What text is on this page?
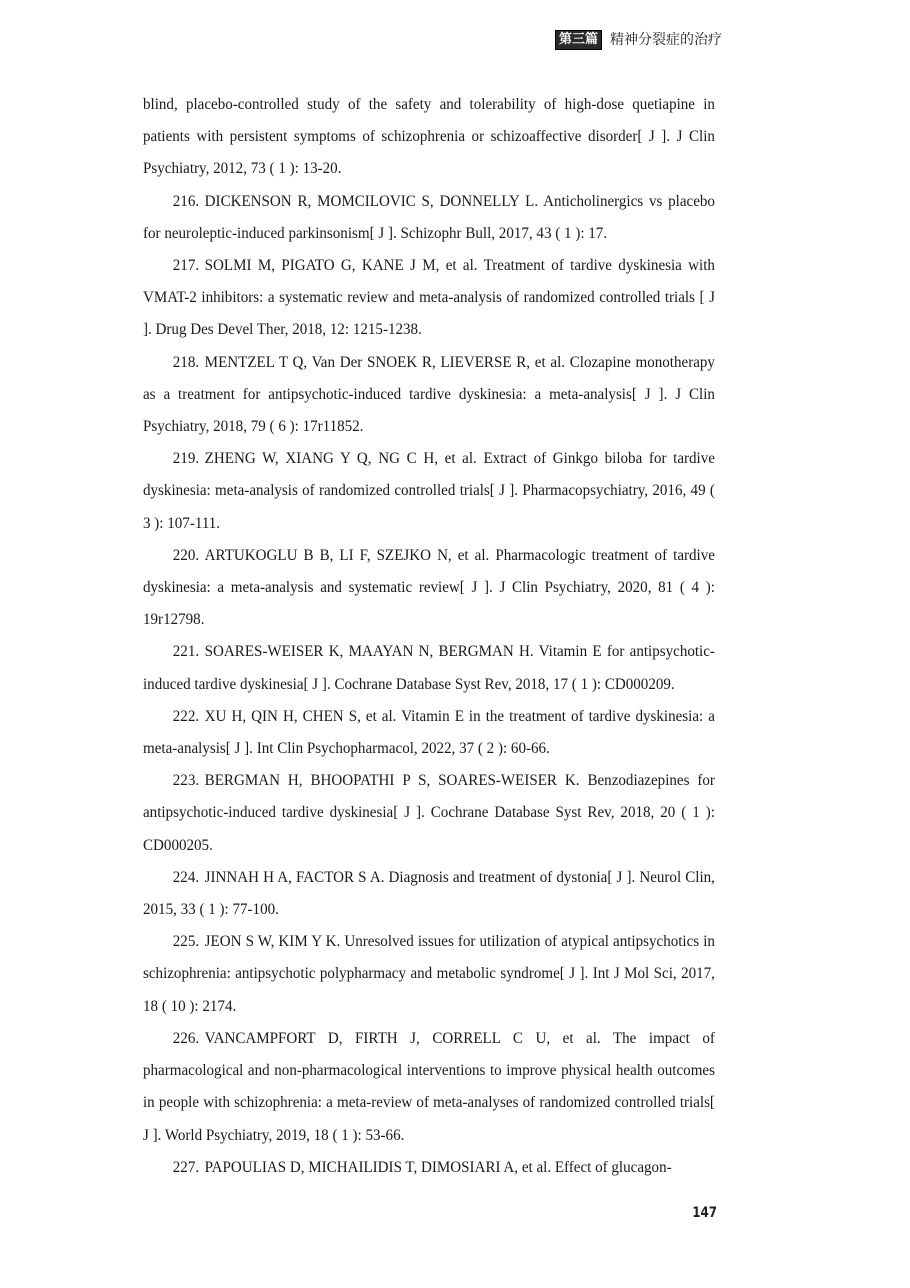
第三篇 精神分裂症的治疗

blind, placebo-controlled study of the safety and tolerability of high-dose quetiapine in patients with persistent symptoms of schizophrenia or schizoaffective disorder[ J ]. J Clin Psychiatry, 2012, 73 ( 1 ): 13-20.

216. DICKENSON R, MOMCILOVIC S, DONNELLY L. Anticholinergics vs placebo for neuroleptic-induced parkinsonism[ J ]. Schizophr Bull, 2017, 43 ( 1 ): 17.

217. SOLMI M, PIGATO G, KANE J M, et al. Treatment of tardive dyskinesia with VMAT-2 inhibitors: a systematic review and meta-analysis of randomized controlled trials [ J ]. Drug Des Devel Ther, 2018, 12: 1215-1238.

218. MENTZEL T Q, Van Der SNOEK R, LIEVERSE R, et al. Clozapine monotherapy as a treatment for antipsychotic-induced tardive dyskinesia: a meta-analysis[ J ]. J Clin Psychiatry, 2018, 79 ( 6 ): 17r11852.

219. ZHENG W, XIANG Y Q, NG C H, et al. Extract of Ginkgo biloba for tardive dyskinesia: meta-analysis of randomized controlled trials[ J ]. Pharmacopsychiatry, 2016, 49 ( 3 ): 107-111.

220. ARTUKOGLU B B, LI F, SZEJKO N, et al. Pharmacologic treatment of tardive dyskinesia: a meta-analysis and systematic review[ J ]. J Clin Psychiatry, 2020, 81 ( 4 ): 19r12798.

221. SOARES-WEISER K, MAAYAN N, BERGMAN H. Vitamin E for antipsychotic-induced tardive dyskinesia[ J ]. Cochrane Database Syst Rev, 2018, 17 ( 1 ): CD000209.

222. XU H, QIN H, CHEN S, et al. Vitamin E in the treatment of tardive dyskinesia: a meta-analysis[ J ]. Int Clin Psychopharmacol, 2022, 37 ( 2 ): 60-66.

223. BERGMAN H, BHOOPATHI P S, SOARES-WEISER K. Benzodiazepines for antipsychotic-induced tardive dyskinesia[ J ]. Cochrane Database Syst Rev, 2018, 20 ( 1 ): CD000205.

224. JINNAH H A, FACTOR S A. Diagnosis and treatment of dystonia[ J ]. Neurol Clin, 2015, 33 ( 1 ): 77-100.

225. JEON S W, KIM Y K. Unresolved issues for utilization of atypical antipsychotics in schizophrenia: antipsychotic polypharmacy and metabolic syndrome[ J ]. Int J Mol Sci, 2017, 18 ( 10 ): 2174.

226. VANCAMPFORT D, FIRTH J, CORRELL C U, et al. The impact of pharmacological and non-pharmacological interventions to improve physical health outcomes in people with schizophrenia: a meta-review of meta-analyses of randomized controlled trials[ J ]. World Psychiatry, 2019, 18 ( 1 ): 53-66.

227. PAPOULIAS D, MICHAILIDIS T, DIMOSIARI A, et al. Effect of glucagon-

147
